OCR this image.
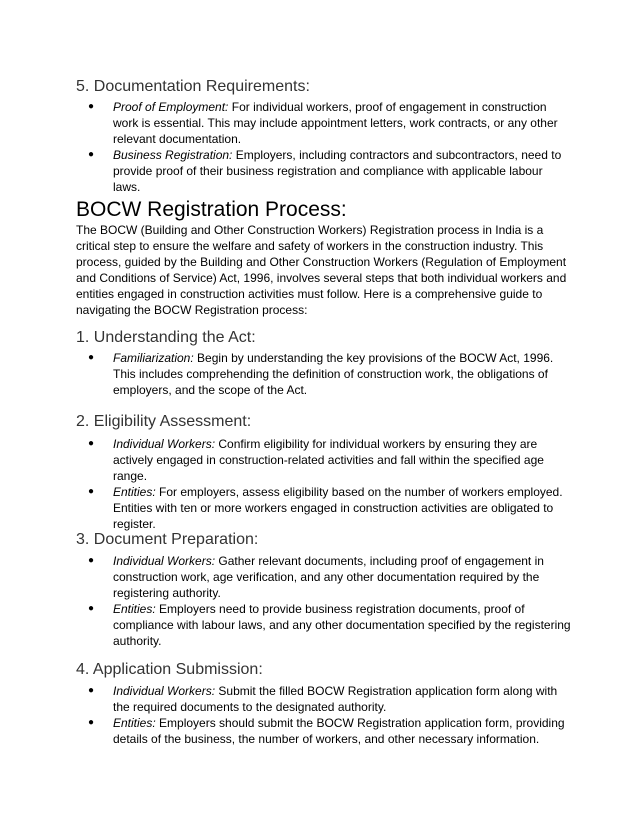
5. Documentation Requirements:
● Proof of Employment: For individual workers, proof of engagement in construction work is essential. This may include appointment letters, work contracts, or any other relevant documentation.
● Business Registration: Employers, including contractors and subcontractors, need to provide proof of their business registration and compliance with applicable labour laws.
BOCW Registration Process:

The BOCW (Building and Other Construction Workers) Registration process in India is a critical step to ensure the welfare and safety of workers in the construction industry. This process, guided by the Building and Other Construction Workers (Regulation of Employment and Conditions of Service) Act, 1996, involves several steps that both individual workers and entities engaged in construction activities must follow. Here is a comprehensive guide to navigating the BOCW Registration process:

1. Understanding the Act:
● Familiarization: Begin by understanding the key provisions of the BOCW Act, 1996. This includes comprehending the definition of construction work, the obligations of employers, and the scope of the Act.
2. Eligibility Assessment:
● Individual Workers: Confirm eligibility for individual workers by ensuring they are actively engaged in construction-related activities and fall within the specified age range.
● Entities: For employers, assess eligibility based on the number of workers employed. Entities with ten or more workers engaged in construction activities are obligated to register.
3. Document Preparation:
● Individual Workers: Gather relevant documents, including proof of engagement in construction work, age verification, and any other documentation required by the registering authority.
● Entities: Employers need to provide business registration documents, proof of compliance with labour laws, and any other documentation specified by the registering authority.
4. Application Submission:
● Individual Workers: Submit the filled BOCW Registration application form along with the required documents to the designated authority.
● Entities: Employers should submit the BOCW Registration application form, providing details of the business, the number of workers, and other necessary information.
